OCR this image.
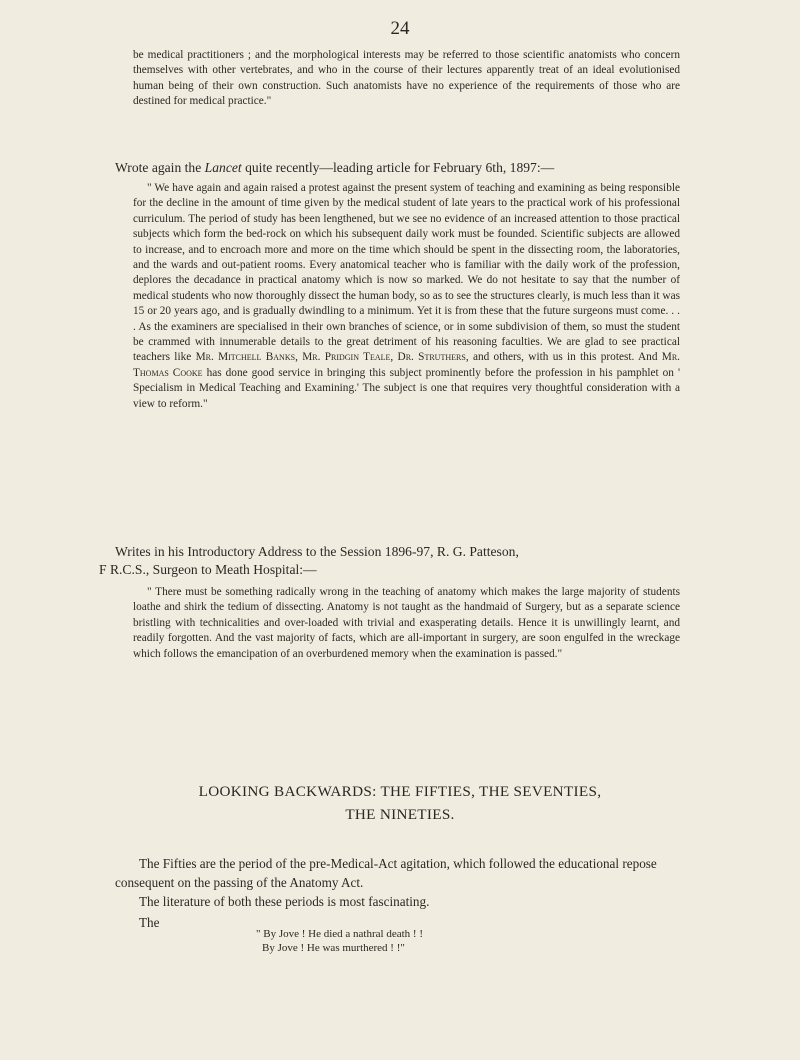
24

be medical practitioners ; and the morphological interests may be referred to those scientific anatomists who concern themselves with other vertebrates, and who in the course of their lectures apparently treat of an ideal evolutionised human being of their own construction. Such anatomists have no experience of the requirements of those who are destined for medical practice."

Wrote again the Lancet quite recently—leading article for February 6th, 1897:—

" We have again and again raised a protest against the present system of teaching and examining as being responsible for the decline in the amount of time given by the medical student of late years to the practical work of his professional curriculum. The period of study has been lengthened, but we see no evidence of an increased attention to those practical subjects which form the bed-rock on which his subsequent daily work must be founded. Scientific subjects are allowed to increase, and to encroach more and more on the time which should be spent in the dissecting room, the laboratories, and the wards and out-patient rooms. Every anatomical teacher who is familiar with the daily work of the profession, deplores the decadance in practical anatomy which is now so marked. We do not hesitate to say that the number of medical students who now thoroughly dissect the human body, so as to see the structures clearly, is much less than it was 15 or 20 years ago, and is gradually dwindling to a minimum. Yet it is from these that the future surgeons must come. . . . As the examiners are specialised in their own branches of science, or in some subdivision of them, so must the student be crammed with innumerable details to the great detriment of his reasoning faculties. We are glad to see practical teachers like Mr. Mitchell Banks, Mr. Pridgin Teale, Dr. Struthers, and others, with us in this protest. And Mr. Thomas Cooke has done good service in bringing this subject prominently before the profession in his pamphlet on ' Specialism in Medical Teaching and Examining.' The subject is one that requires very thoughtful consideration with a view to reform."

Writes in his Introductory Address to the Session 1896-97, R. G. Patteson,
F R.C.S., Surgeon to Meath Hospital:—

" There must be something radically wrong in the teaching of anatomy which makes the large majority of students loathe and shirk the tedium of dissecting. Anatomy is not taught as the handmaid of Surgery, but as a separate science bristling with technicalities and over-loaded with trivial and exasperating details. Hence it is unwillingly learnt, and readily forgotten. And the vast majority of facts, which are all-important in surgery, are soon engulfed in the wreckage which follows the emancipation of an overburdened memory when the examination is passed."

LOOKING BACKWARDS: THE FIFTIES, THE SEVENTIES,

THE NINETIES.

The Fifties are the period of the pre-Medical-Act agitation, which followed the educational repose consequent on the passing of the Anatomy Act.

The literature of both these periods is most fascinating.

The
" By Jove ! He died a nathral death ! !
By Jove ! He was murthered ! !"
